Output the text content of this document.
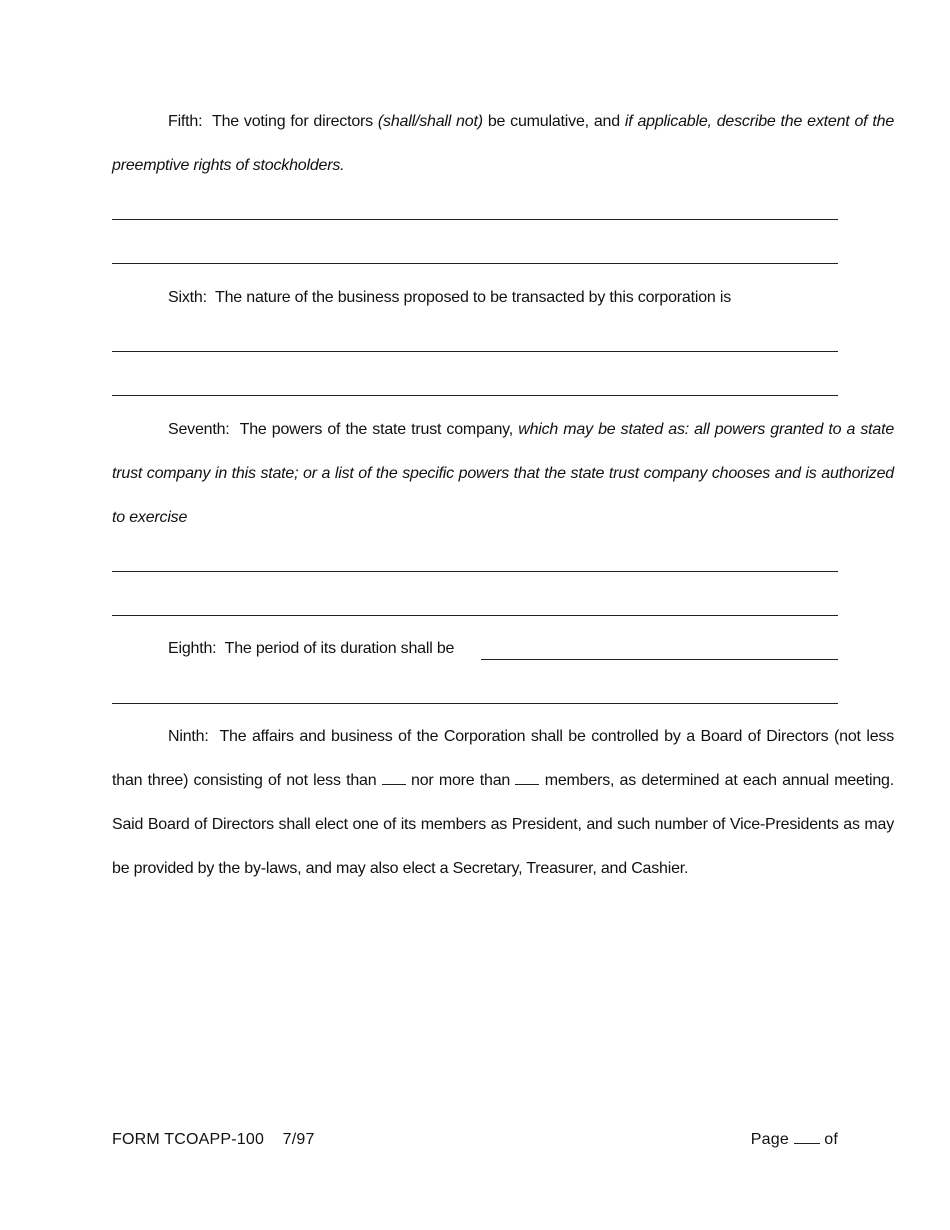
Fifth: The voting for directors (shall/shall not) be cumulative, and if applicable, describe the extent of the preemptive rights of stockholders.
Sixth: The nature of the business proposed to be transacted by this corporation is
Seventh: The powers of the state trust company, which may be stated as: all powers granted to a state trust company in this state; or a list of the specific powers that the state trust company chooses and is authorized to exercise
Eighth: The period of its duration shall be
Ninth: The affairs and business of the Corporation shall be controlled by a Board of Directors (not less than three) consisting of not less than nor more than members, as determined at each annual meeting. Said Board of Directors shall elect one of its members as President, and such number of Vice-Presidents as may be provided by the by-laws, and may also elect a Secretary, Treasurer, and Cashier.
FORM TCOAPP-100 7/97	Page of
